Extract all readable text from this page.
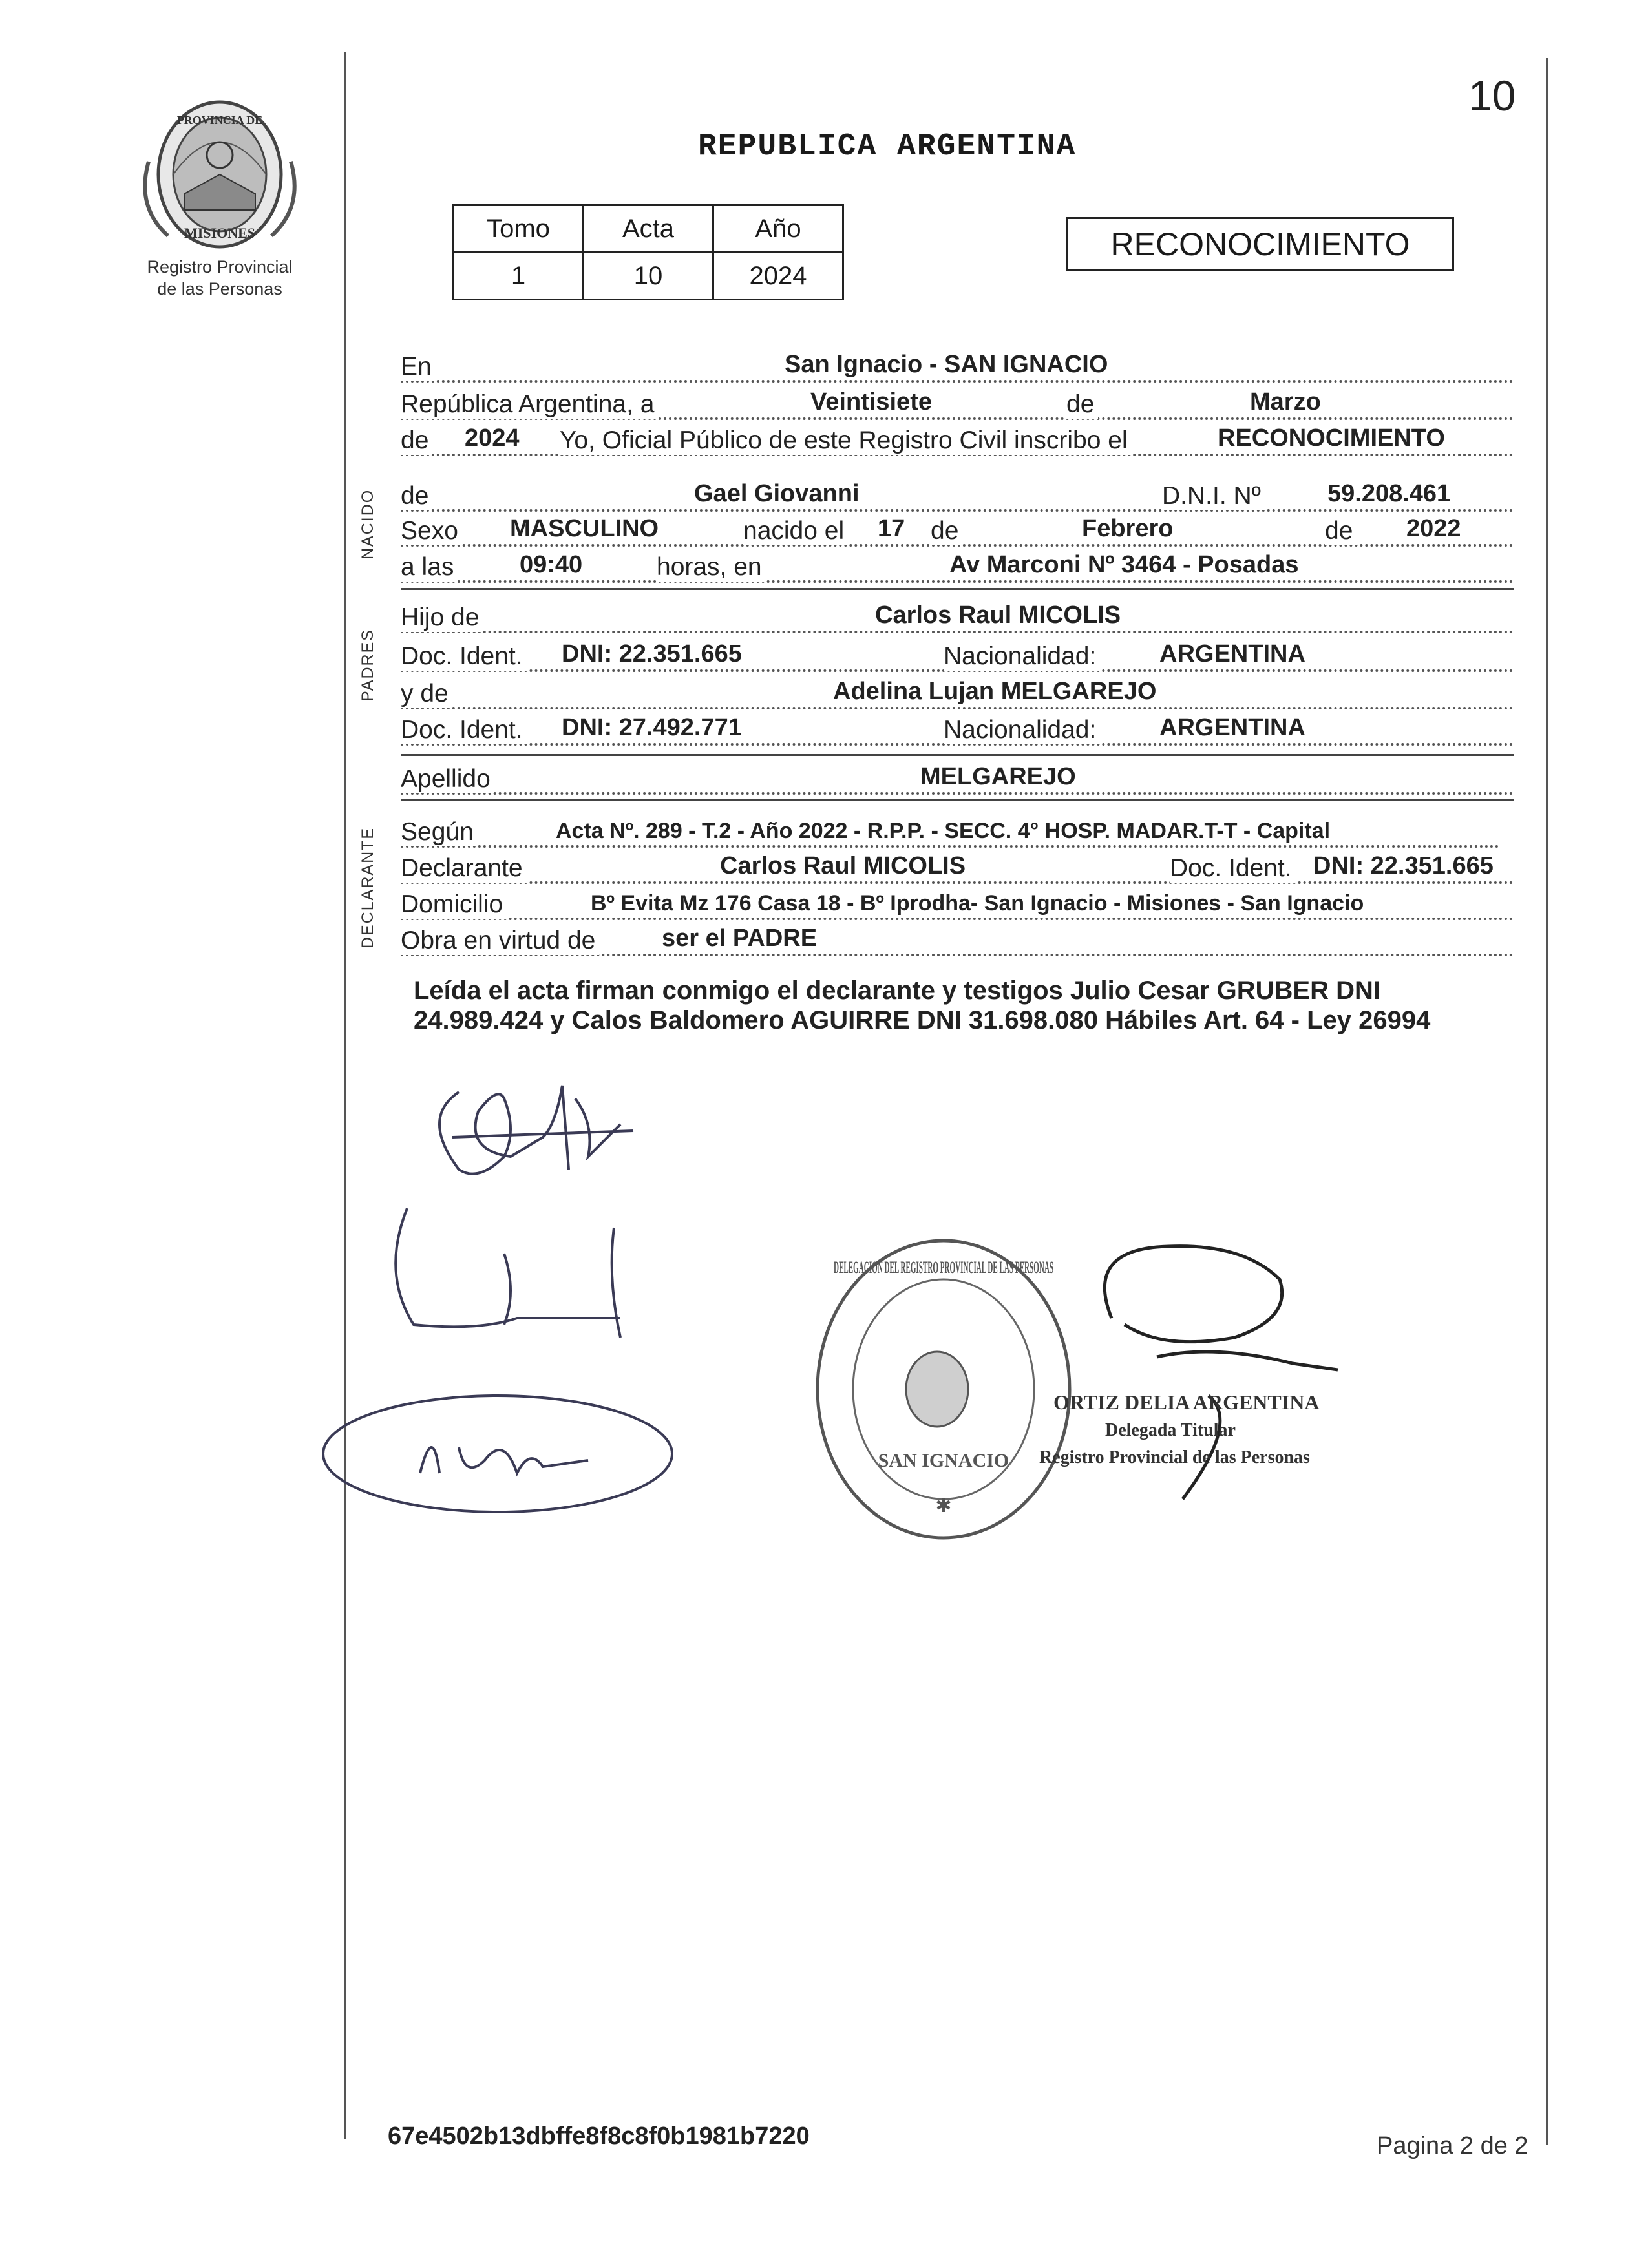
10
PROVINCIA DE
MISIONES
Registro Provincial
de las Personas
REPUBLICA ARGENTINA
Tomo	Acta	Año
1	10	2024
RECONOCIMIENTO
NACIDO
PADRES
DECLARANTE
En	San Ignacio - SAN IGNACIO
República Argentina, a	Veintisiete	de	Marzo
de 2024 Yo, Oficial Público de este Registro Civil inscribo el	RECONOCIMIENTO
de	Gael Giovanni	D.N.I. Nº	59.208.461
Sexo MASCULINO	nacido el 17 de	Febrero	de 2022
a las	09:40	horas, en	Av Marconi Nº 3464 - Posadas
Hijo de	Carlos Raul MICOLIS
Doc. Ident. DNI: 22.351.665	Nacionalidad:	ARGENTINA
y de	Adelina Lujan MELGAREJO
Doc. Ident. DNI: 27.492.771	Nacionalidad:	ARGENTINA
Apellido	MELGAREJO
Según	Acta Nº. 289 - T.2 - Año 2022 - R.P.P. - SECC. 4° HOSP. MADAR.T-T - Capital
Declarante	Carlos Raul MICOLIS	Doc. Ident. DNI: 22.351.665
Domicilio	Bº Evita Mz 176 Casa 18 - Bº Iprodha- San Ignacio - Misiones - San Ignacio
Obra en virtud de	ser el PADRE
Leída el acta firman conmigo el declarante y testigos Julio Cesar GRUBER DNI 24.989.424 y Calos Baldomero AGUIRRE DNI 31.698.080 Hábiles Art. 64 - Ley 26994
DELEGACION DEL REGISTRO PROVINCIAL DE LAS PERSONAS
SAN IGNACIO
✱
ORTIZ DELIA ARGENTINA
Delegada Titular
Registro Provincial de las Personas
67e4502b13dbffe8f8c8f0b1981b7220	Pagina 2 de 2
